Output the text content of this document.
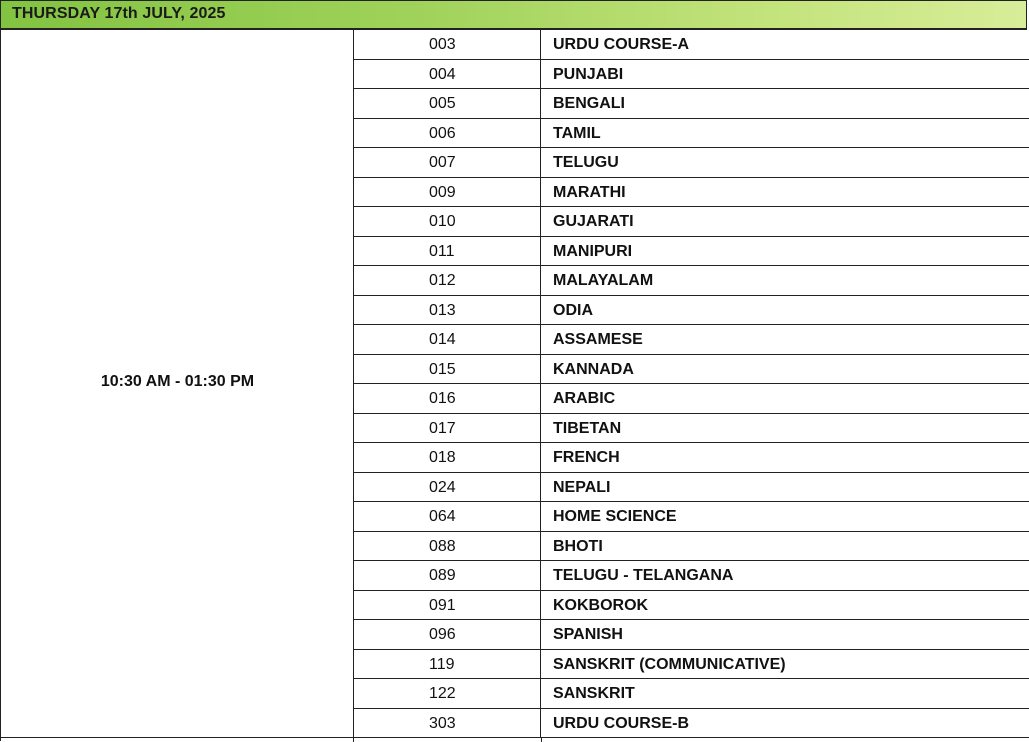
THURSDAY 17th JULY, 2025
10:30 AM - 01:30 PM
003	URDU COURSE-A
004	PUNJABI
005	BENGALI
006	TAMIL
007	TELUGU
009	MARATHI
010	GUJARATI
011	MANIPURI
012	MALAYALAM
013	ODIA
014	ASSAMESE
015	KANNADA
016	ARABIC
017	TIBETAN
018	FRENCH
024	NEPALI
064	HOME SCIENCE
088	BHOTI
089	TELUGU - TELANGANA
091	KOKBOROK
096	SPANISH
119	SANSKRIT (COMMUNICATIVE)
122	SANSKRIT
303	URDU COURSE-B
